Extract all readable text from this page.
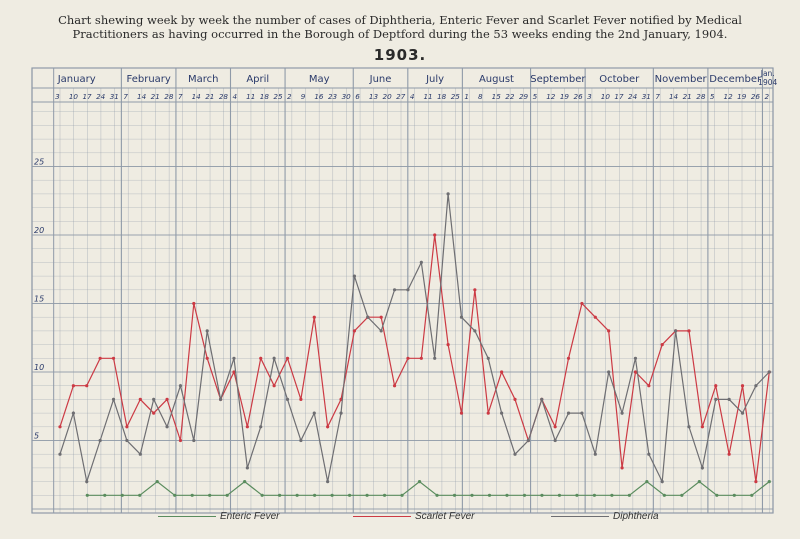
Chart shewing week by week the number of cases of Diphtheria, Enteric Fever and Scarlet Fever notified by Medical Practitioners as having occurred in the Borough of Deptford during the 53 weeks ending the 2nd January, 1904.
1903.
January	February March	April	May	June	July	August September October November December
Jan.
1904
3 10 17 24 31 7 14 21 28 7 14 21 28 4 11 18 25 2 9 16 23 30 6 13 20 27 4 11 18 25 1 8 15 22 29 5 12 19 26 3 10 17 24 31 7 14 21 28 5 12 19 26 2
5
10
15
20
25
Enteric Fever	Scarlet Fever	Diphtheria
